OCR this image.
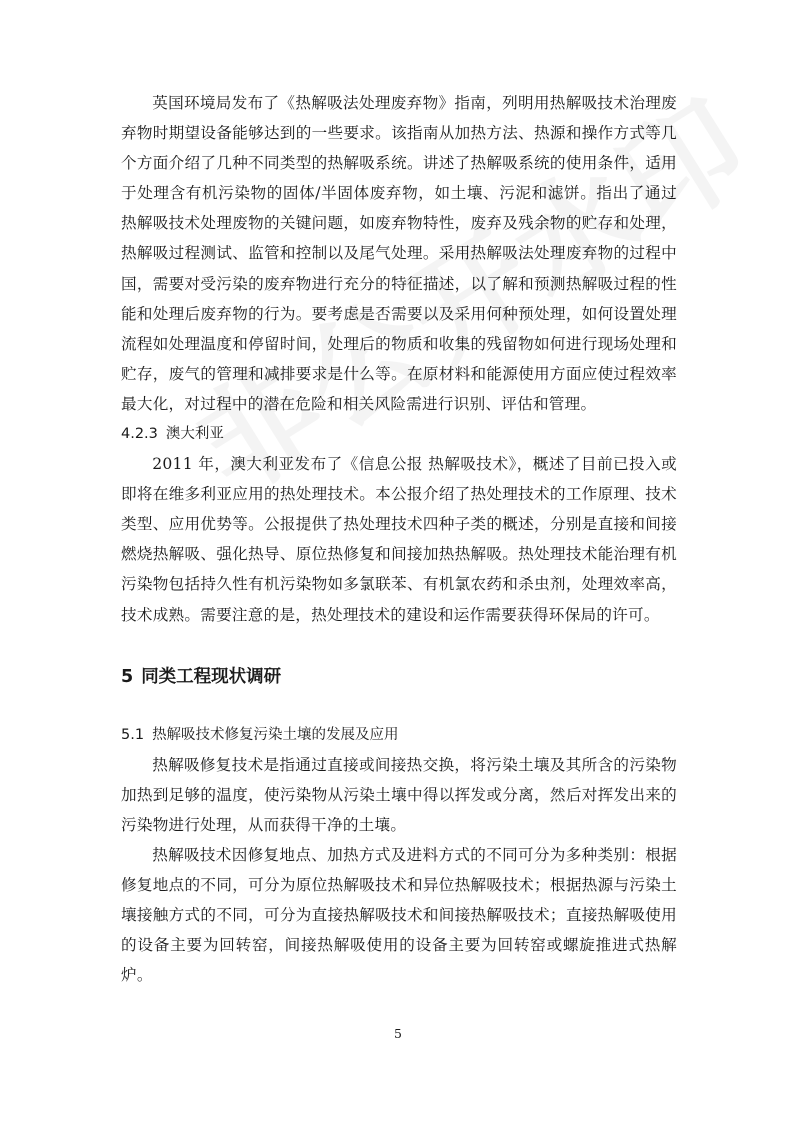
英国环境局发布了《热解吸法处理废弃物》指南，列明用热解吸技术治理废弃物时期望设备能够达到的一些要求。该指南从加热方法、热源和操作方式等几个方面介绍了几种不同类型的热解吸系统。讲述了热解吸系统的使用条件，适用于处理含有机污染物的固体/半固体废弃物，如土壤、污泥和滤饼。指出了通过热解吸技术处理废物的关键问题，如废弃物特性，废弃及残余物的贮存和处理，热解吸过程测试、监管和控制以及尾气处理。采用热解吸法处理废弃物的过程中国，需要对受污染的废弃物进行充分的特征描述，以了解和预测热解吸过程的性能和处理后废弃物的行为。要考虑是否需要以及采用何种预处理，如何设置处理流程如处理温度和停留时间，处理后的物质和收集的残留物如何进行现场处理和贮存，废气的管理和减排要求是什么等。在原材料和能源使用方面应使过程效率最大化，对过程中的潜在危险和相关风险需进行识别、评估和管理。

4.2.3 澳大利亚

2011 年，澳大利亚发布了《信息公报 热解吸技术》，概述了目前已投入或即将在维多利亚应用的热处理技术。本公报介绍了热处理技术的工作原理、技术类型、应用优势等。公报提供了热处理技术四种子类的概述，分别是直接和间接燃烧热解吸、强化热导、原位热修复和间接加热热解吸。热处理技术能治理有机污染物包括持久性有机污染物如多氯联苯、有机氯农药和杀虫剂，处理效率高，技术成熟。需要注意的是，热处理技术的建设和运作需要获得环保局的许可。

5 同类工程现状调研
5.1 热解吸技术修复污染土壤的发展及应用

热解吸修复技术是指通过直接或间接热交换，将污染土壤及其所含的污染物加热到足够的温度，使污染物从污染土壤中得以挥发或分离，然后对挥发出来的污染物进行处理，从而获得干净的土壤。

热解吸技术因修复地点、加热方式及进料方式的不同可分为多种类别：根据修复地点的不同，可分为原位热解吸技术和异位热解吸技术；根据热源与污染土壤接触方式的不同，可分为直接热解吸技术和间接热解吸技术；直接热解吸使用的设备主要为回转窑，间接热解吸使用的设备主要为回转窑或螺旋推进式热解炉。

5
